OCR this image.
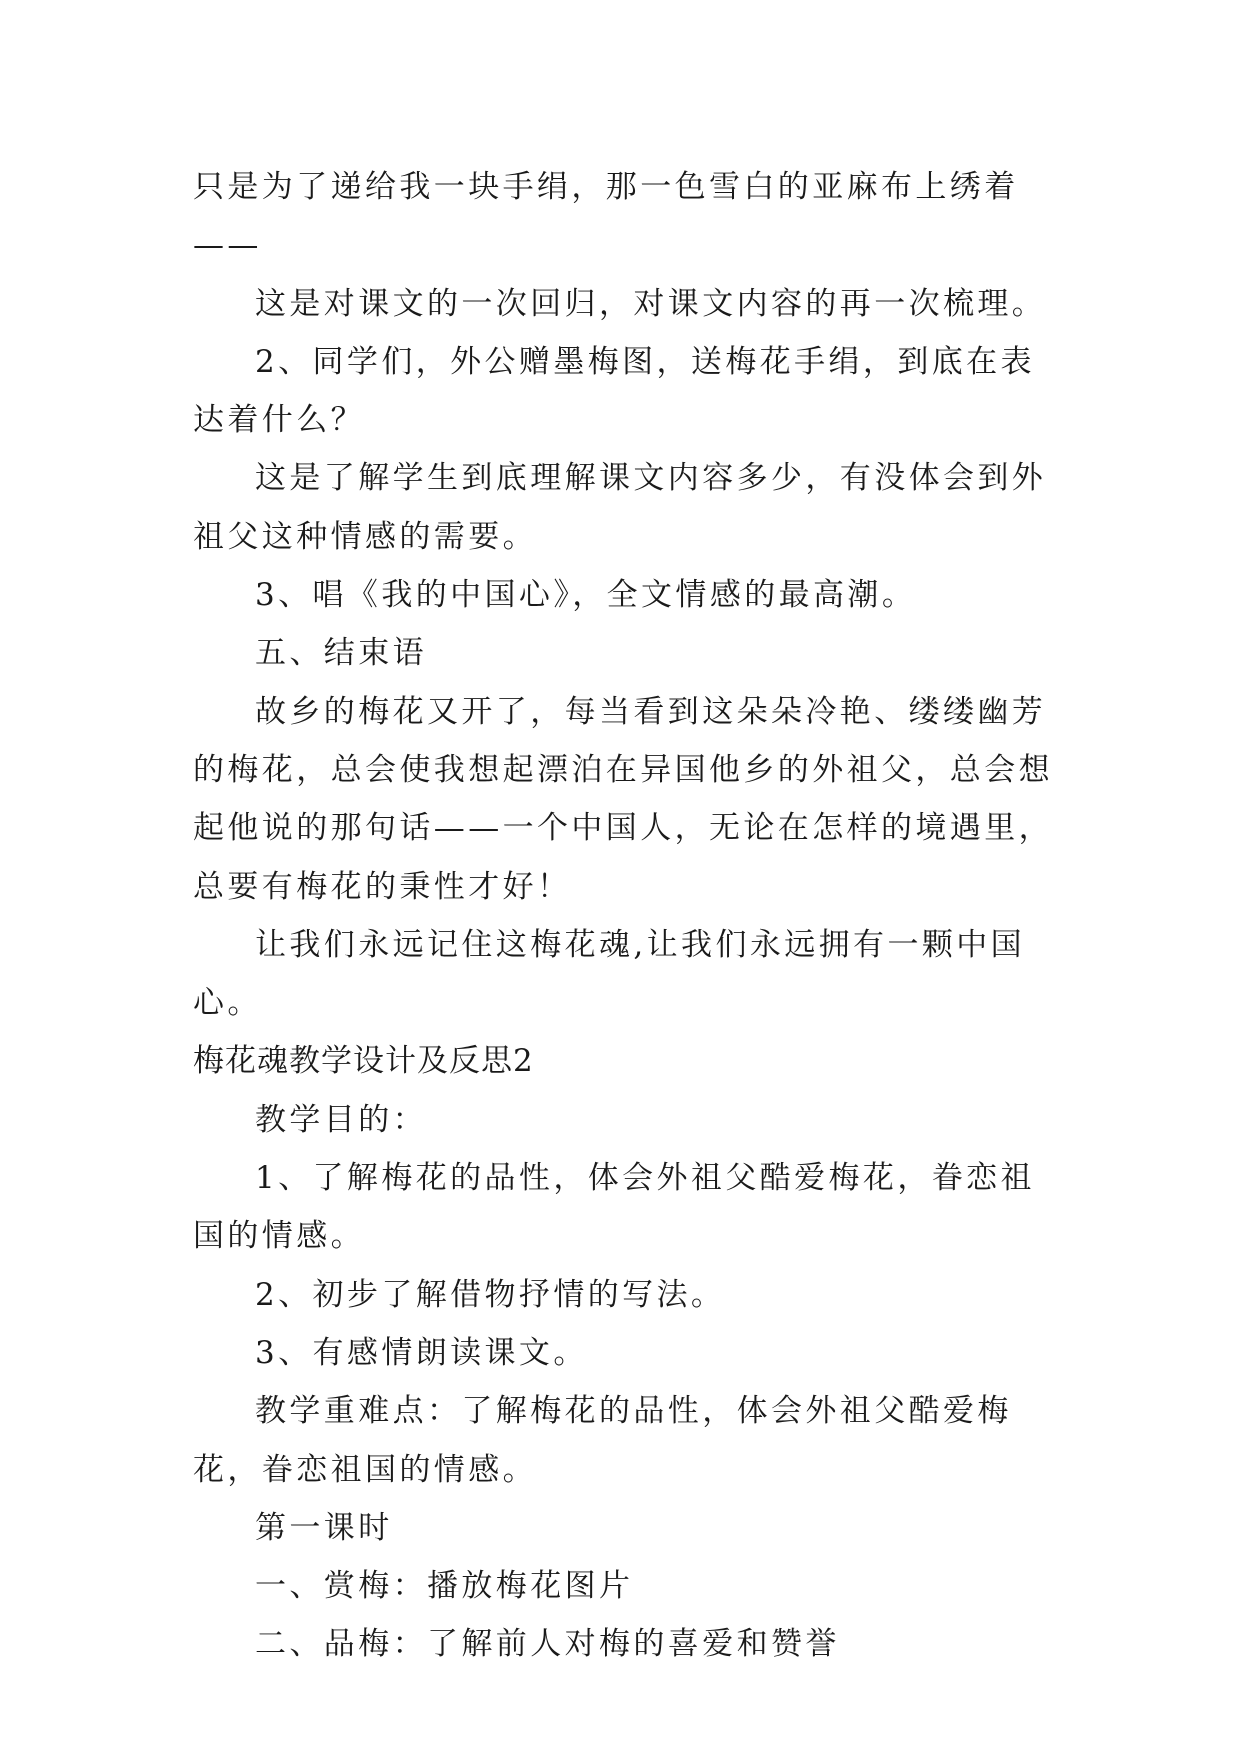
只是为了递给我一块手绢，那一色雪白的亚麻布上绣着——

这是对课文的一次回归，对课文内容的再一次梳理。

2、同学们，外公赠墨梅图，送梅花手绢，到底在表达着什么？

这是了解学生到底理解课文内容多少，有没体会到外祖父这种情感的需要。

3、唱《我的中国心》，全文情感的最高潮。

五、结束语

故乡的梅花又开了，每当看到这朵朵冷艳、缕缕幽芳的梅花，总会使我想起漂泊在异国他乡的外祖父，总会想起他说的那句话——一个中国人，无论在怎样的境遇里，总要有梅花的秉性才好！

让我们永远记住这梅花魂,让我们永远拥有一颗中国心。

梅花魂教学设计及反思2

教学目的：

1、了解梅花的品性，体会外祖父酷爱梅花，眷恋祖国的情感。

2、初步了解借物抒情的写法。

3、有感情朗读课文。

教学重难点：了解梅花的品性，体会外祖父酷爱梅花，眷恋祖国的情感。

第一课时

一、赏梅：播放梅花图片

二、品梅：了解前人对梅的喜爱和赞誉
